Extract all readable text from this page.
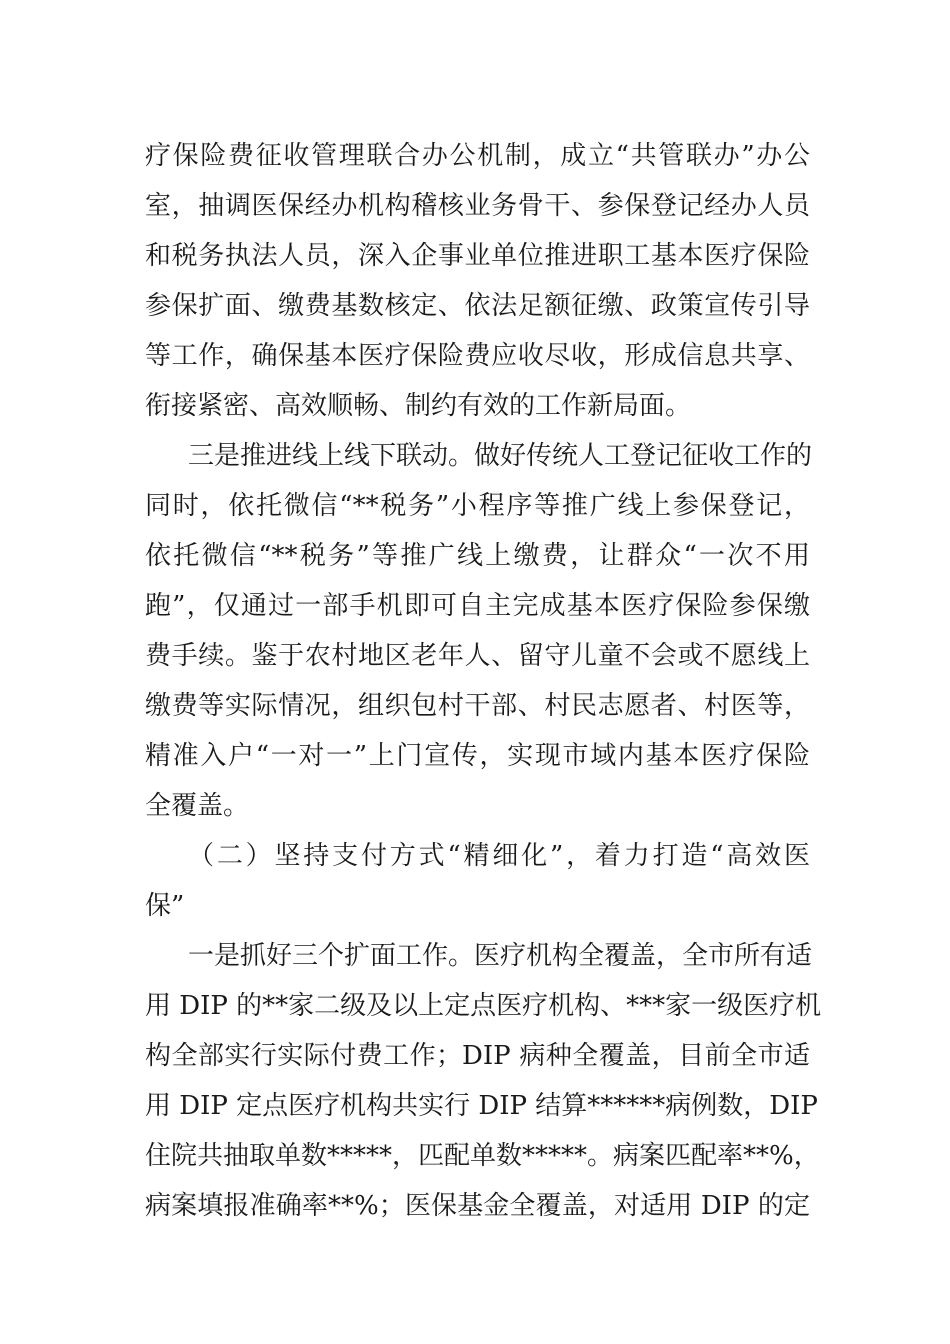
疗保险费征收管理联合办公机制，成立“共管联办”办公
室，抽调医保经办机构稽核业务骨干、参保登记经办人员
和税务执法人员，深入企事业单位推进职工基本医疗保险
参保扩面、缴费基数核定、依法足额征缴、政策宣传引导
等工作，确保基本医疗保险费应收尽收，形成信息共享、
衔接紧密、高效顺畅、制约有效的工作新局面。
三是推进线上线下联动。做好传统人工登记征收工作的
同时，依托微信“**税务”小程序等推广线上参保登记，
依托微信“**税务”等推广线上缴费，让群众“一次不用
跑”，仅通过一部手机即可自主完成基本医疗保险参保缴
费手续。鉴于农村地区老年人、留守儿童不会或不愿线上
缴费等实际情况，组织包村干部、村民志愿者、村医等，
精准入户“一对一”上门宣传，实现市域内基本医疗保险
全覆盖。
（二）坚持支付方式“精细化”，着力打造“高效医
保”
一是抓好三个扩面工作。医疗机构全覆盖，全市所有适
用 DIP 的**家二级及以上定点医疗机构、***家一级医疗机
构全部实行实际付费工作；DIP 病种全覆盖，目前全市适
用 DIP 定点医疗机构共实行 DIP 结算******病例数，DIP
住院共抽取单数*****，匹配单数*****。病案匹配率**%，
病案填报准确率**%；医保基金全覆盖，对适用 DIP 的定
